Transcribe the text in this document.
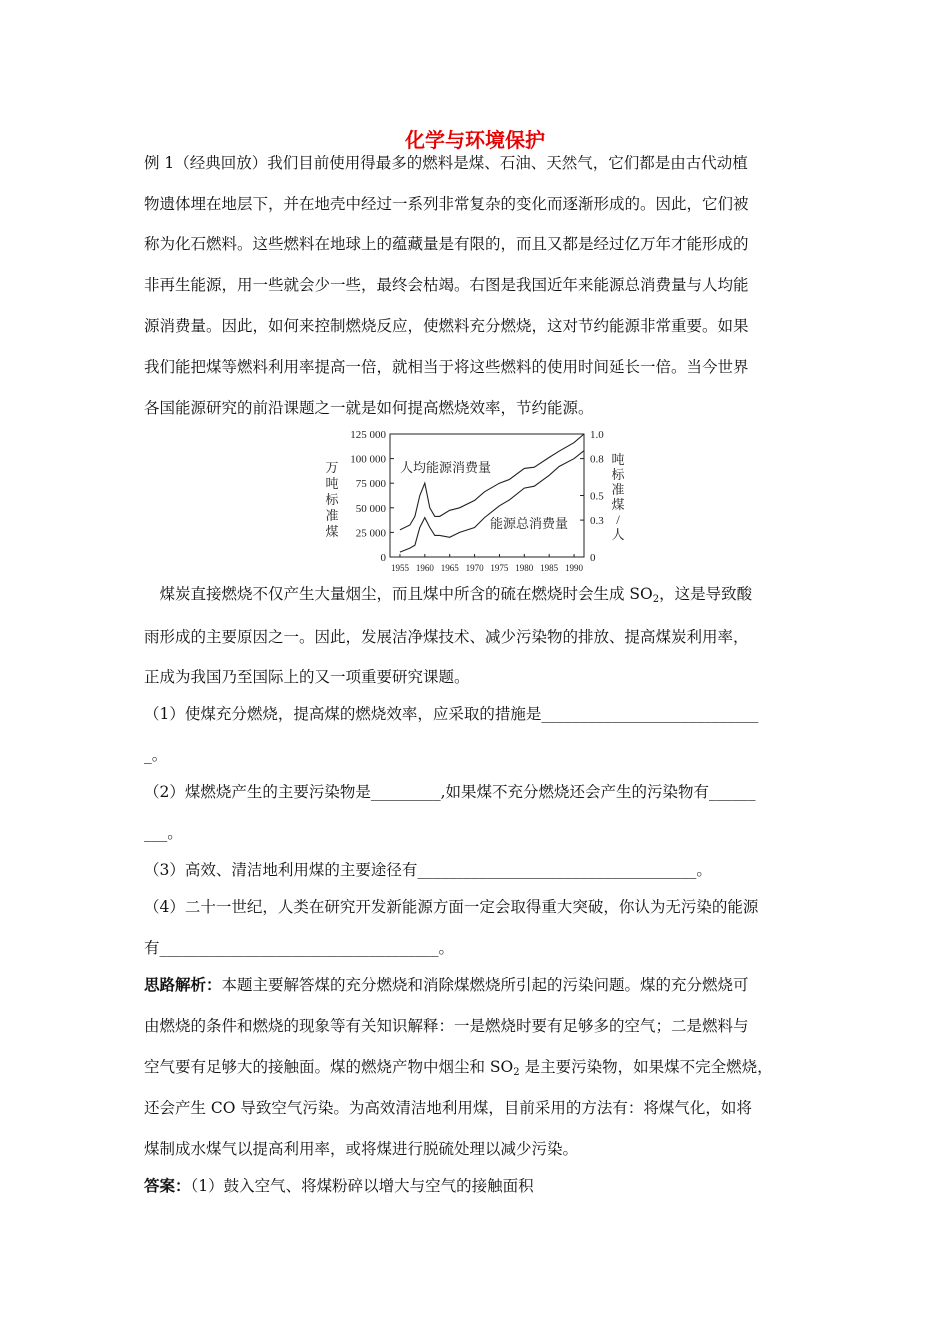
化学与环境保护
例 1（经典回放）我们目前使用得最多的燃料是煤、石油、天然气，它们都是由古代动植
物遗体埋在地层下，并在地壳中经过一系列非常复杂的变化而逐渐形成的。因此，它们被
称为化石燃料。这些燃料在地球上的蕴藏量是有限的，而且又都是经过亿万年才能形成的
非再生能源，用一些就会少一些，最终会枯竭。右图是我国近年来能源总消费量与人均能
源消费量。因此，如何来控制燃烧反应，使燃料充分燃烧，这对节约能源非常重要。如果
我们能把煤等燃料利用率提高一倍，就相当于将这些燃料的使用时间延长一倍。当今世界
各国能源研究的前沿课题之一就是如何提高燃烧效率，节约能源。
125 000
100 000
75 000
50 000
25 000
0
1.0
0.8
0.5
0.3
0
1955 1960 1965 1970 1975 1980 1985 1990
人均能源消费量
能源总消费量
万
吨
标
准
煤
吨
标
准
煤
/
人
　煤炭直接燃烧不仅产生大量烟尘，而且煤中所含的硫在燃烧时会生成 $SO_2$，这是导致酸
雨形成的主要原因之一。因此，发展洁净煤技术、减少污染物的排放、提高煤炭利用率，
正成为我国乃至国际上的又一项重要研究课题。
（1）使煤充分燃烧，提高煤的燃烧效率，应采取的措施是____________________________
_。
（2）煤燃烧产生的主要污染物是_________,如果煤不充分燃烧还会产生的污染物有______
___。
（3）高效、清洁地利用煤的主要途径有____________________________________。
（4）二十一世纪，人类在研究开发新能源方面一定会取得重大突破，你认为无污染的能源
有____________________________________。
思路解析：本题主要解答煤的充分燃烧和消除煤燃烧所引起的污染问题。煤的充分燃烧可
由燃烧的条件和燃烧的现象等有关知识解释：一是燃烧时要有足够多的空气；二是燃料与
空气要有足够大的接触面。煤的燃烧产物中烟尘和 $SO_2$ 是主要污染物，如果煤不完全燃烧，
还会产生 CO 导致空气污染。为高效清洁地利用煤，目前采用的方法有：将煤气化，如将
煤制成水煤气以提高利用率，或将煤进行脱硫处理以减少污染。
答案：（1）鼓入空气、将煤粉碎以增大与空气的接触面积
